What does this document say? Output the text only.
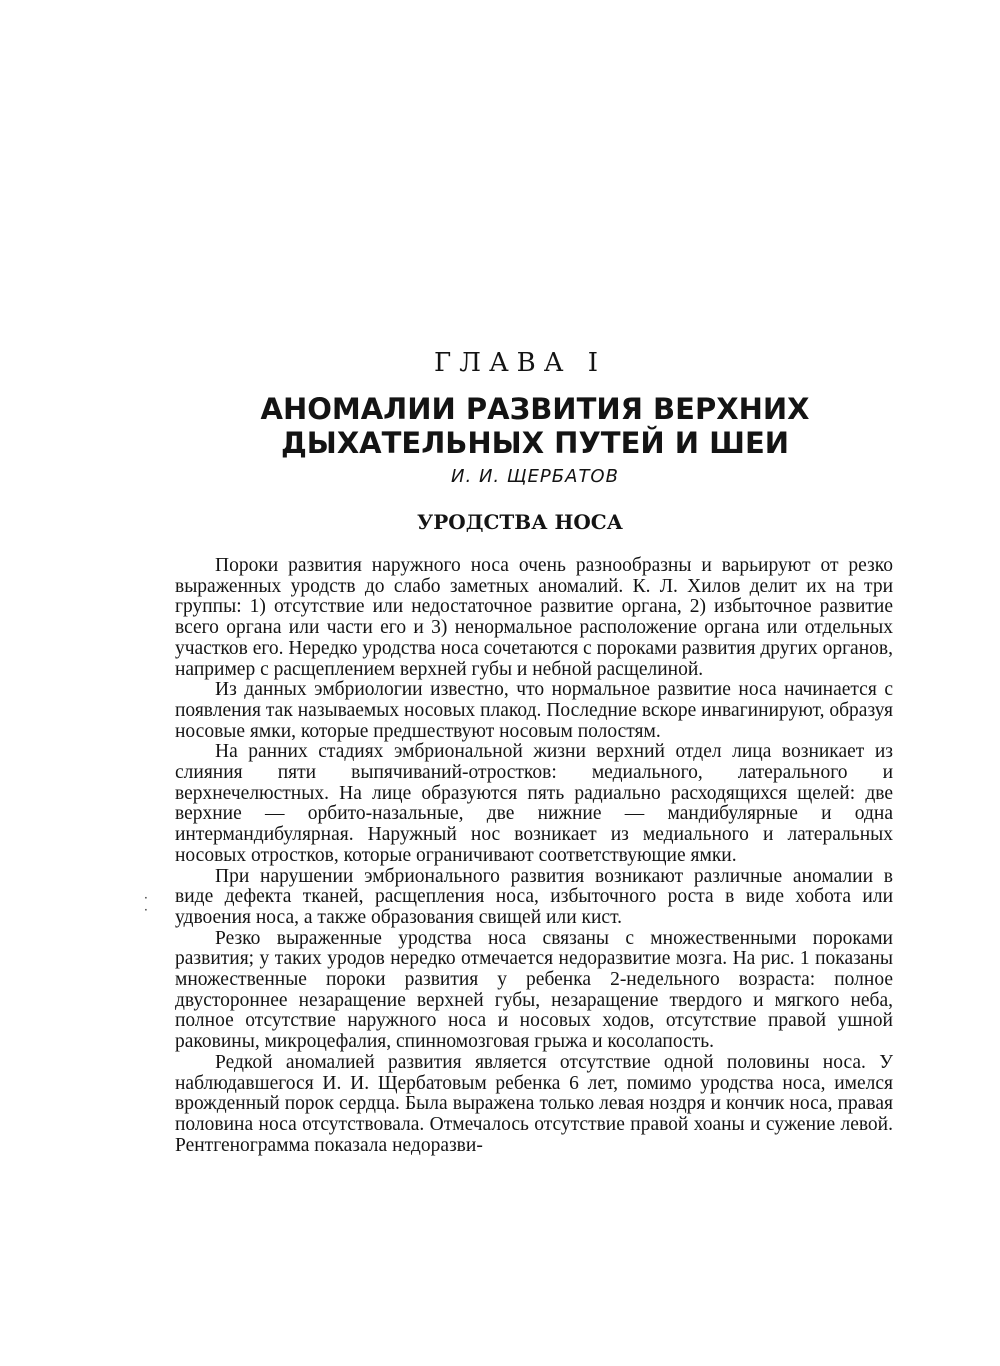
ГЛАВА I
АНОМАЛИИ РАЗВИТИЯ ВЕРХНИХ ДЫХАТЕЛЬНЫХ ПУТЕЙ И ШЕИ
И. И. ЩЕРБАТОВ
УРОДСТВА НОСА

Пороки развития наружного носа очень разнообразны и варьируют от резко выраженных уродств до слабо заметных аномалий. К. Л. Хилов делит их на три группы: 1) отсутствие или недостаточное развитие органа, 2) избыточное развитие всего органа или части его и 3) ненормальное расположение органа или отдельных участков его. Нередко уродства носа сочетаются с пороками развития других органов, например с расщеплением верхней губы и небной расщелиной.

Из данных эмбриологии известно, что нормальное развитие носа начинается с появления так называемых носовых плакод. Последние вскоре инвагинируют, образуя носовые ямки, которые предшествуют носовым полостям.

На ранних стадиях эмбриональной жизни верхний отдел лица возникает из слияния пяти выпячиваний-отростков: медиального, латерального и верхнечелюстных. На лице образуются пять радиально расходящихся щелей: две верхние — орбито-назальные, две нижние — мандибулярные и одна интермандибулярная. Наружный нос возникает из медиального и латеральных носовых отростков, которые ограничивают соответствующие ямки.

При нарушении эмбрионального развития возникают различные аномалии в виде дефекта тканей, расщепления носа, избыточного роста в виде хобота или удвоения носа, а также образования свищей или кист.

Резко выраженные уродства носа связаны с множественными пороками развития; у таких уродов нередко отмечается недоразвитие мозга. На рис. 1 показаны множественные пороки развития у ребенка 2-недельного возраста: полное двустороннее незаращение верхней губы, незаращение твердого и мягкого неба, полное отсутствие наружного носа и носовых ходов, отсутствие правой ушной раковины, микроцефалия, спинномозговая грыжа и косолапость.

Редкой аномалией развития является отсутствие одной половины носа. У наблюдавшегося И. И. Щербатовым ребенка 6 лет, помимо уродства носа, имелся врожденный порок сердца. Была выражена только левая ноздря и кончик носа, правая половина носа отсутствовала. Отмечалось отсутствие правой хоаны и сужение левой. Рентгенограмма показала недоразви-

·
·
